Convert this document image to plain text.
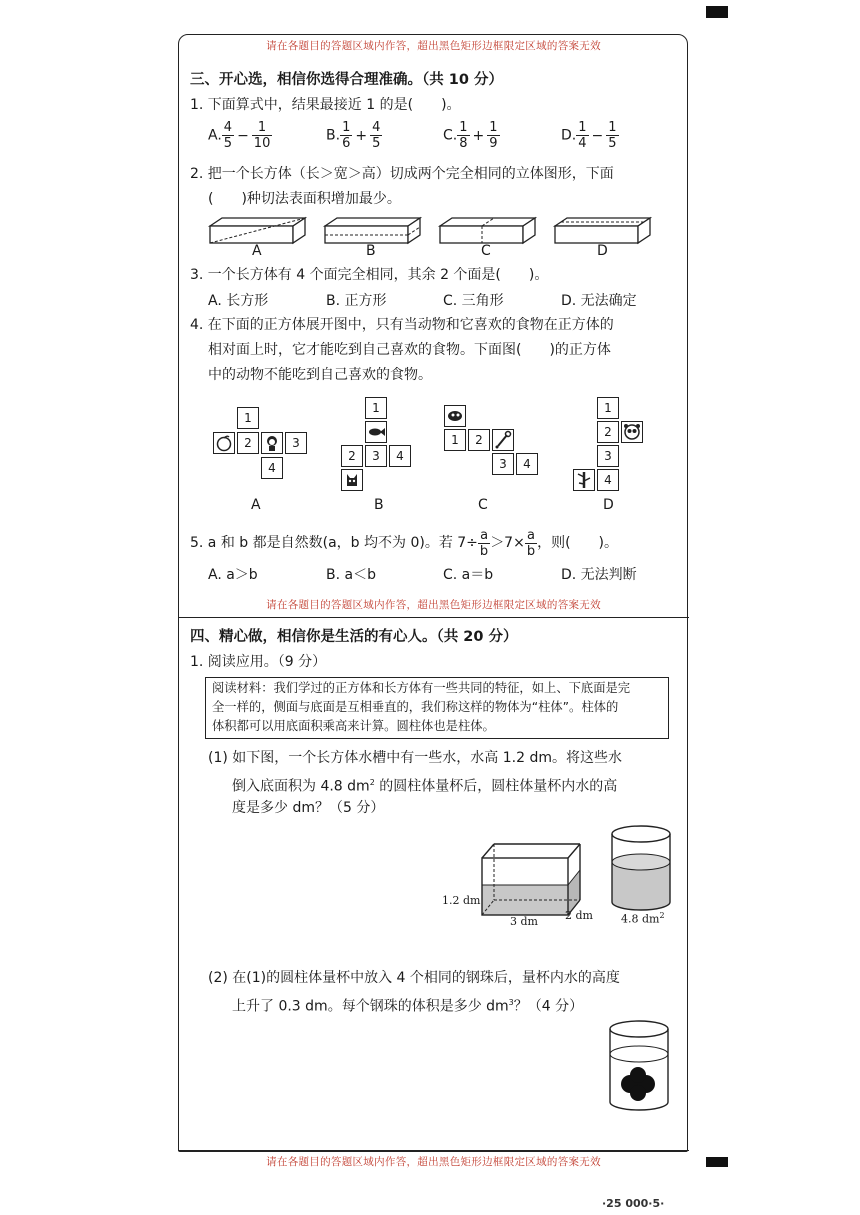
请在各题目的答题区域内作答，超出黑色矩形边框限定区域的答案无效
三、开心选，相信你选得合理准确。（共 10 分）
1. 下面算式中，结果最接近 1 的是(　　)。
A. $\frac{4}{5} - \frac{1}{10}$	B. $\frac{1}{6} + \frac{4}{5}$	C. $\frac{1}{8} + \frac{1}{9}$	D. $\frac{1}{4} - \frac{1}{5}$
2. 把一个长方体（长＞宽＞高）切成两个完全相同的立体图形，下面
(　　)种切法表面积增加最少。
A	B	C	D
3. 一个长方体有 4 个面完全相同，其余 2 个面是(　　)。
A. 长方形	B. 正方形	C. 三角形	D. 无法确定
4. 在下面的正方体展开图中，只有当动物和它喜欢的食物在正方体的
相对面上时，它才能吃到自己喜欢的食物。下面图(　　)的正方体
中的动物不能吃到自己喜欢的食物。
1
2	3
4
A
1
2	3	4
B
1	2
3	4
C
1
2
3
4
D
5. a 和 b 都是自然数(a，b 均不为 0)。若 $7\div \frac{a}{b} >7\times \frac{a}{b}$ ，则(　　)。
A. a＞b	B. a＜b	C. a＝b	D. 无法判断
请在各题目的答题区域内作答，超出黑色矩形边框限定区域的答案无效
四、精心做，相信你是生活的有心人。（共 20 分）
1. 阅读应用。（9 分）
阅读材料：我们学过的正方体和长方体有一些共同的特征，如上、下底面是完
全一样的，侧面与底面是互相垂直的，我们称这样的物体为“柱体”。柱体的
体积都可以用底面积乘高来计算。圆柱体也是柱体。
(1) 如下图，一个长方体水槽中有一些水，水高 1.2 dm。将这些水
倒入底面积为 4.8 $dm^2$ 的圆柱体量杯后，圆柱体量杯内水的高
度是多少 dm？（5 分）
1.2 dm
3 dm 2 dm	4.8 $dm^2$
(2) 在(1)的圆柱体量杯中放入 4 个相同的钢珠后，量杯内水的高度
上升了 0.3 dm。每个钢珠的体积是多少 $dm^3$？（4 分）
请在各题目的答题区域内作答，超出黑色矩形边框限定区域的答案无效
·25 000·5·
